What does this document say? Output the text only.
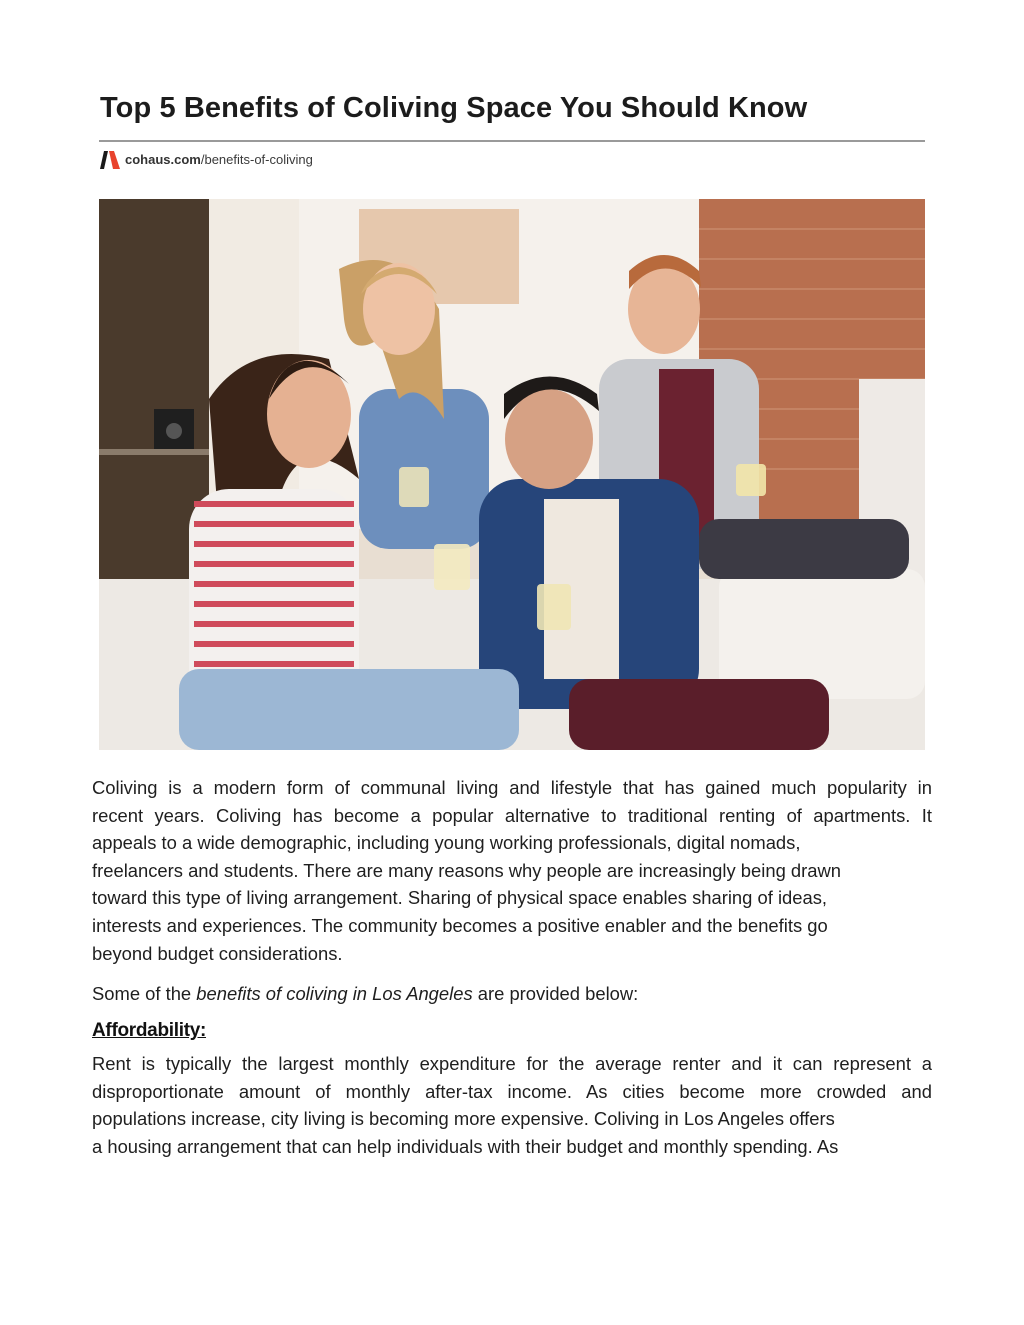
Top 5 Benefits of Coliving Space You Should Know
cohaus.com /benefits-of-coliving

Coliving is a modern form of communal living and lifestyle that has gained much popularity in
recent years. Coliving has become a popular alternative to traditional renting of apartments. It
appeals to a wide demographic, including young working professionals, digital nomads,
freelancers and students. There are many reasons why people are increasingly being drawn
toward this type of living arrangement. Sharing of physical space enables sharing of ideas,
interests and experiences. The community becomes a positive enabler and the benefits go
beyond budget considerations.

Some of the benefits of coliving in Los Angeles are provided below:

Affordability:

Rent is typically the largest monthly expenditure for the average renter and it can represent a
disproportionate amount of monthly after-tax income. As cities become more crowded and
populations increase, city living is becoming more expensive. Coliving in Los Angeles offers
a housing arrangement that can help individuals with their budget and monthly spending. As
